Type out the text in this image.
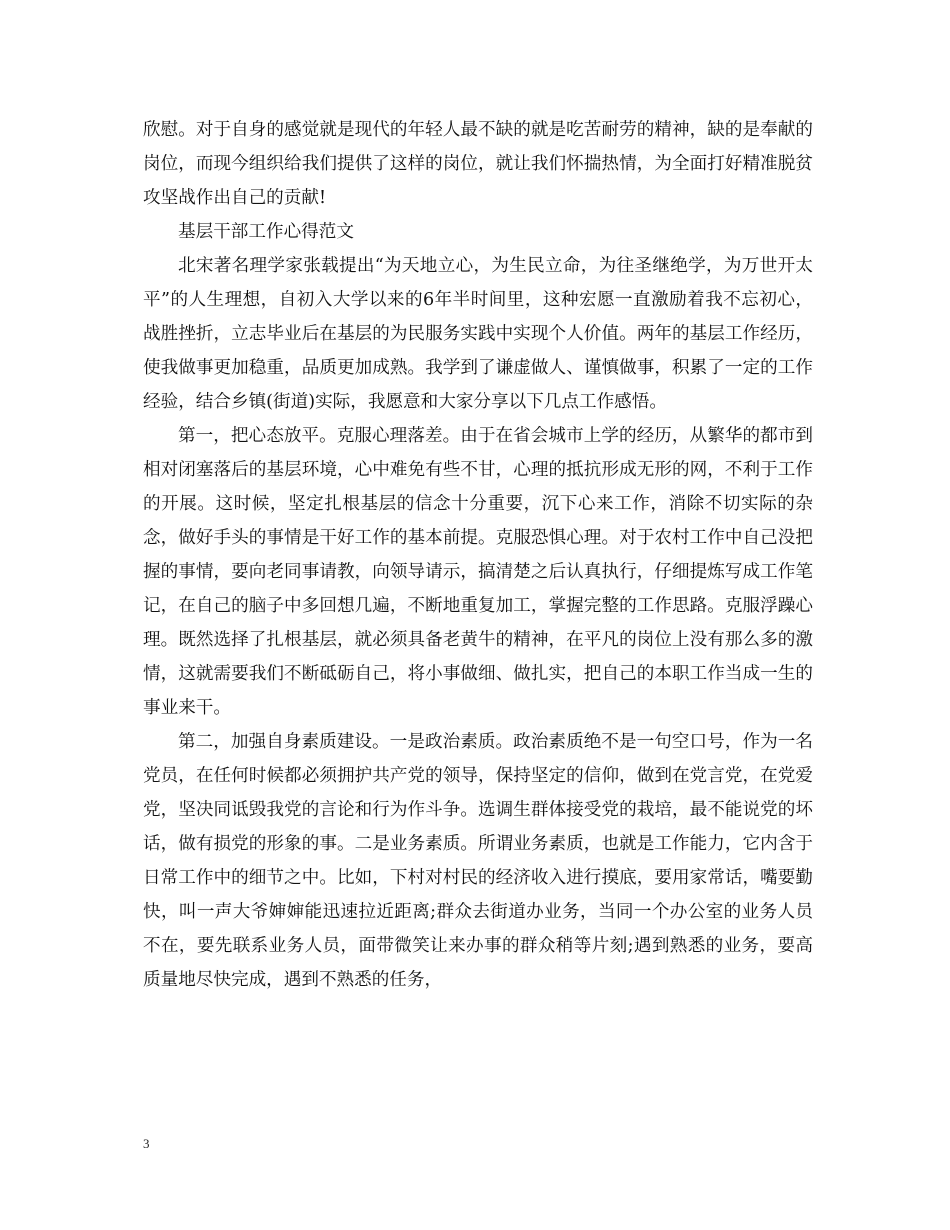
欣慰。对于自身的感觉就是现代的年轻人最不缺的就是吃苦耐劳的精神，缺的是奉献的岗位，而现今组织给我们提供了这样的岗位，就让我们怀揣热情，为全面打好精准脱贫攻坚战作出自己的贡献!

基层干部工作心得范文

北宋著名理学家张载提出“为天地立心，为生民立命，为往圣继绝学，为万世开太平”的人生理想，自初入大学以来的6年半时间里，这种宏愿一直激励着我不忘初心，战胜挫折，立志毕业后在基层的为民服务实践中实现个人价值。两年的基层工作经历，使我做事更加稳重，品质更加成熟。我学到了谦虚做人、谨慎做事，积累了一定的工作经验，结合乡镇(街道)实际，我愿意和大家分享以下几点工作感悟。

第一，把心态放平。克服心理落差。由于在省会城市上学的经历，从繁华的都市到相对闭塞落后的基层环境，心中难免有些不甘，心理的抵抗形成无形的网，不利于工作的开展。这时候，坚定扎根基层的信念十分重要，沉下心来工作，消除不切实际的杂念，做好手头的事情是干好工作的基本前提。克服恐惧心理。对于农村工作中自己没把握的事情，要向老同事请教，向领导请示，搞清楚之后认真执行，仔细提炼写成工作笔记，在自己的脑子中多回想几遍，不断地重复加工，掌握完整的工作思路。克服浮躁心理。既然选择了扎根基层，就必须具备老黄牛的精神，在平凡的岗位上没有那么多的激情，这就需要我们不断砥砺自己，将小事做细、做扎实，把自己的本职工作当成一生的事业来干。

第二，加强自身素质建设。一是政治素质。政治素质绝不是一句空口号，作为一名党员，在任何时候都必须拥护共产党的领导，保持坚定的信仰，做到在党言党，在党爱党，坚决同诋毁我党的言论和行为作斗争。选调生群体接受党的栽培，最不能说党的坏话，做有损党的形象的事。二是业务素质。所谓业务素质，也就是工作能力，它内含于日常工作中的细节之中。比如，下村对村民的经济收入进行摸底，要用家常话，嘴要勤快，叫一声大爷婶婶能迅速拉近距离;群众去街道办业务，当同一个办公室的业务人员不在，要先联系业务人员，面带微笑让来办事的群众稍等片刻;遇到熟悉的业务，要高质量地尽快完成，遇到不熟悉的任务，

3
